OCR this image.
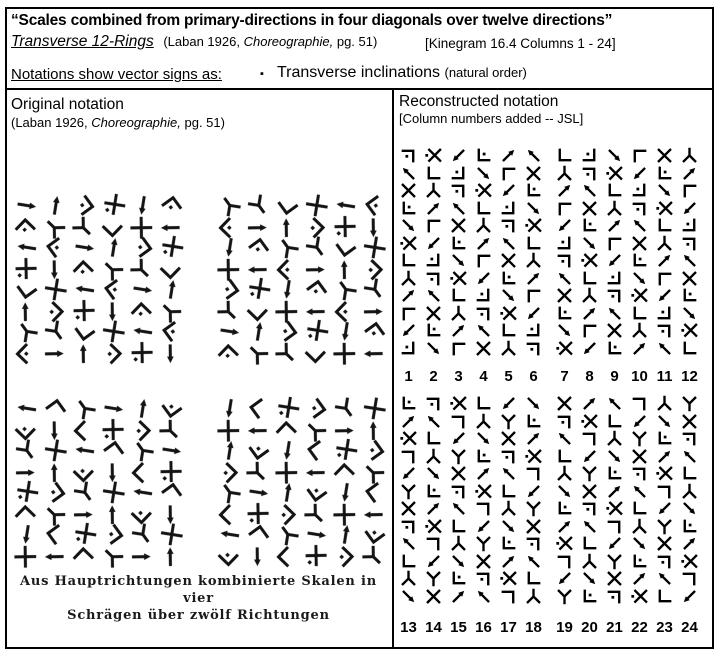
“Scales combined from primary-directions in four diagonals over twelve directions”
Transverse 12-Rings (Laban 1926, Choreographie, pg. 51)	[Kinegram 16.4 Columns 1 - 24]
Notations show vector signs as:	▪ Transverse inclinations (natural order)
Original notation
(Laban 1926, Choreographie, pg. 51)
Aus Hauptrichtungen kombinierte Skalen in vier
Schrägen über zwölf Richtungen
Reconstructed notation
[Column numbers added -- JSL]
1 2 3 4 5 6 7 8 9 10 11 12
13 14 15 16 17 18 19 20 21 22 23 24
